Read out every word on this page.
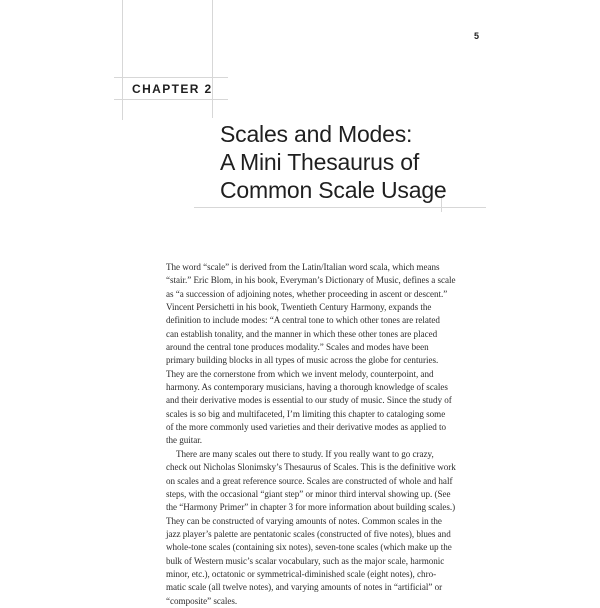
5
CHAPTER 2
Scales and Modes:
A Mini Thesaurus of
Common Scale Usage
The word “scale” is derived from the Latin/Italian word scala, which means
“stair.” Eric Blom, in his book, Everyman’s Dictionary of Music, defines a scale
as “a succession of adjoining notes, whether proceeding in ascent or descent.”
Vincent Persichetti in his book, Twentieth Century Harmony, expands the
definition to include modes: “A central tone to which other tones are related
can establish tonality, and the manner in which these other tones are placed
around the central tone produces modality.” Scales and modes have been
primary building blocks in all types of music across the globe for centuries.
They are the cornerstone from which we invent melody, counterpoint, and
harmony. As contemporary musicians, having a thorough knowledge of scales
and their derivative modes is essential to our study of music. Since the study of
scales is so big and multifaceted, I’m limiting this chapter to cataloging some
of the more commonly used varieties and their derivative modes as applied to
the guitar.
There are many scales out there to study. If you really want to go crazy,
check out Nicholas Slonimsky’s Thesaurus of Scales. This is the definitive work
on scales and a great reference source. Scales are constructed of whole and half
steps, with the occasional “giant step” or minor third interval showing up. (See
the “Harmony Primer” in chapter 3 for more information about building scales.)
They can be constructed of varying amounts of notes. Common scales in the
jazz player’s palette are pentatonic scales (constructed of five notes), blues and
whole-tone scales (containing six notes), seven-tone scales (which make up the
bulk of Western music’s scalar vocabulary, such as the major scale, harmonic
minor, etc.), octatonic or symmetrical-diminished scale (eight notes), chro-
matic scale (all twelve notes), and varying amounts of notes in “artificial” or
“composite” scales.
